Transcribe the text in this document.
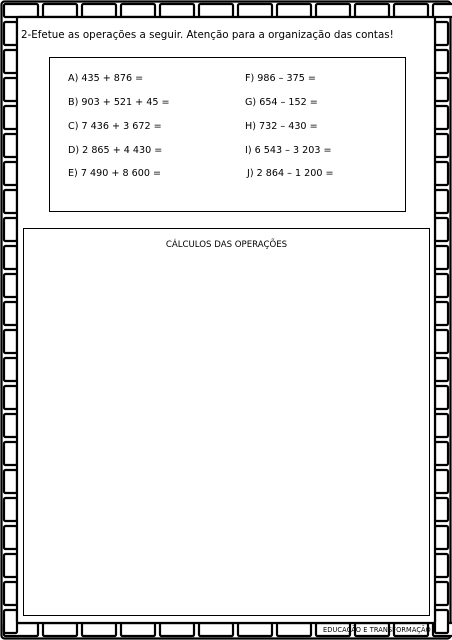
2-Efetue as operações a seguir. Atenção para a organização das contas!
A) 435 + 876 =
B) 903 + 521 + 45 =
C) 7 436 + 3 672 =
D) 2 865 + 4 430 =
E) 7 490 + 8 600 =
F) 986 – 375 =
G) 654 – 152 =
H) 732 – 430 =
I) 6 543 – 3 203 =
J) 2 864 – 1 200 =
CÁLCULOS DAS OPERAÇÕES
EDUCAÇÃO E TRANSFORMAÇÃO
